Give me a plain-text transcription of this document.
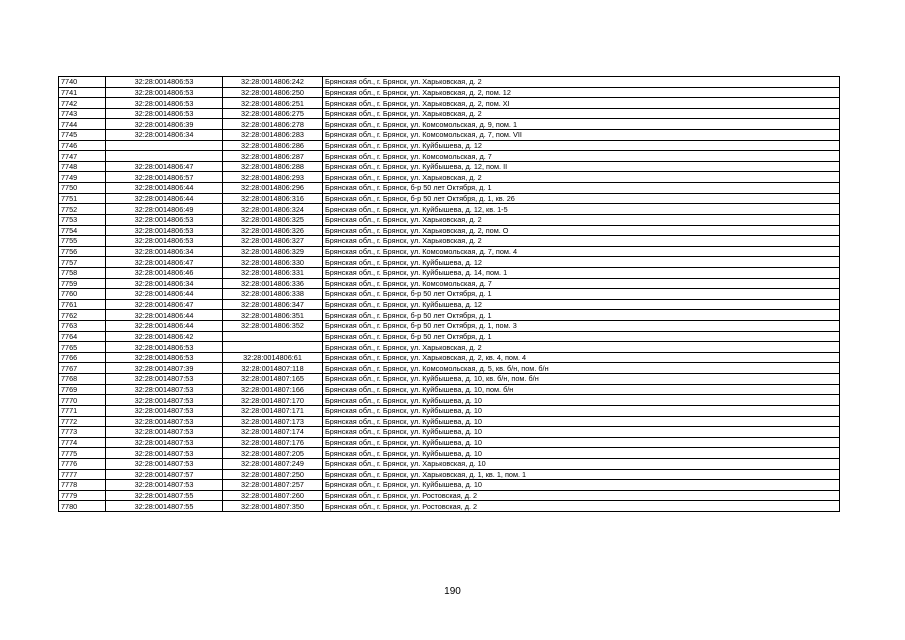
7740	32:28:0014806:53	32:28:0014806:242	Брянская обл., г. Брянск, ул. Харьковская, д. 2
7741	32:28:0014806:53	32:28:0014806:250	Брянская обл., г. Брянск, ул. Харьковская, д. 2, пом. 12
7742	32:28:0014806:53	32:28:0014806:251	Брянская обл., г. Брянск, ул. Харьковская, д. 2, пом. XI
7743	32:28:0014806:53	32:28:0014806:275	Брянская обл., г. Брянск, ул. Харьковская, д. 2
7744	32:28:0014806:39	32:28:0014806:278	Брянская обл., г. Брянск, ул. Комсомольская, д. 9, пом. 1
7745	32:28:0014806:34	32:28:0014806:283	Брянская обл., г. Брянск, ул. Комсомольская, д. 7, пом. VII
7746		32:28:0014806:286	Брянская обл., г. Брянск, ул. Куйбышева, д. 12
7747		32:28:0014806:287	Брянская обл., г. Брянск, ул. Комсомольская, д. 7
7748	32:28:0014806:47	32:28:0014806:288	Брянская обл., г. Брянск, ул. Куйбышева, д. 12, пом. II
7749	32:28:0014806:57	32:28:0014806:293	Брянская обл., г. Брянск, ул. Харьковская, д. 2
7750	32:28:0014806:44	32:28:0014806:296	Брянская обл., г. Брянск, б-р 50 лет Октября, д. 1
7751	32:28:0014806:44	32:28:0014806:316	Брянская обл., г. Брянск, б-р 50 лет Октября, д. 1, кв. 26
7752	32:28:0014806:49	32:28:0014806:324	Брянская обл., г. Брянск, ул. Куйбышева, д. 12, кв. 1-5
7753	32:28:0014806:53	32:28:0014806:325	Брянская обл., г. Брянск, ул. Харьковская, д. 2
7754	32:28:0014806:53	32:28:0014806:326	Брянская обл., г. Брянск, ул. Харьковская, д. 2, пом. О
7755	32:28:0014806:53	32:28:0014806:327	Брянская обл., г. Брянск, ул. Харьковская, д. 2
7756	32:28:0014806:34	32:28:0014806:329	Брянская обл., г. Брянск, ул. Комсомольская, д. 7, пом. 4
7757	32:28:0014806:47	32:28:0014806:330	Брянская обл., г. Брянск, ул. Куйбышева, д. 12
7758	32:28:0014806:46	32:28:0014806:331	Брянская обл., г. Брянск, ул. Куйбышева, д. 14, пом. 1
7759	32:28:0014806:34	32:28:0014806:336	Брянская обл., г. Брянск, ул. Комсомольская, д. 7
7760	32:28:0014806:44	32:28:0014806:338	Брянская обл., г. Брянск, б-р 50 лет Октября, д. 1
7761	32:28:0014806:47	32:28:0014806:347	Брянская обл., г. Брянск, ул. Куйбышева, д. 12
7762	32:28:0014806:44	32:28:0014806:351	Брянская обл., г. Брянск, б-р 50 лет Октября, д. 1
7763	32:28:0014806:44	32:28:0014806:352	Брянская обл., г. Брянск, б-р 50 лет Октября, д. 1, пом. 3
7764	32:28:0014806:42		Брянская обл., г. Брянск, б-р 50 лет Октября, д. 1
7765	32:28:0014806:53		Брянская обл., г. Брянск, ул. Харьковская, д. 2
7766	32:28:0014806:53	32:28:0014806:61	Брянская обл., г. Брянск, ул. Харьковская, д. 2, кв. 4, пом. 4
7767	32:28:0014807:39	32:28:0014807:118	Брянская обл., г. Брянск, ул. Комсомольская, д. 5, кв. б/н, пом. б/н
7768	32:28:0014807:53	32:28:0014807:165	Брянская обл., г. Брянск, ул. Куйбышева, д. 10, кв. б/н, пом. б/н
7769	32:28:0014807:53	32:28:0014807:166	Брянская обл., г. Брянск, ул. Куйбышева, д. 10, пом. б/н
7770	32:28:0014807:53	32:28:0014807:170	Брянская обл., г. Брянск, ул. Куйбышева, д. 10
7771	32:28:0014807:53	32:28:0014807:171	Брянская обл., г. Брянск, ул. Куйбышева, д. 10
7772	32:28:0014807:53	32:28:0014807:173	Брянская обл., г. Брянск, ул. Куйбышева, д. 10
7773	32:28:0014807:53	32:28:0014807:174	Брянская обл., г. Брянск, ул. Куйбышева, д. 10
7774	32:28:0014807:53	32:28:0014807:176	Брянская обл., г. Брянск, ул. Куйбышева, д. 10
7775	32:28:0014807:53	32:28:0014807:205	Брянская обл., г. Брянск, ул. Куйбышева, д. 10
7776	32:28:0014807:53	32:28:0014807:249	Брянская обл., г. Брянск, ул. Харьковская, д. 10
7777	32:28:0014807:57	32:28:0014807:250	Брянская обл., г. Брянск, ул. Харьковская, д. 1, кв. 1, пом. 1
7778	32:28:0014807:53	32:28:0014807:257	Брянская обл., г. Брянск, ул. Куйбышева, д. 10
7779	32:28:0014807:55	32:28:0014807:260	Брянская обл., г. Брянск, ул. Ростовская, д. 2
7780	32:28:0014807:55	32:28:0014807:350	Брянская обл., г. Брянск, ул. Ростовская, д. 2
190
